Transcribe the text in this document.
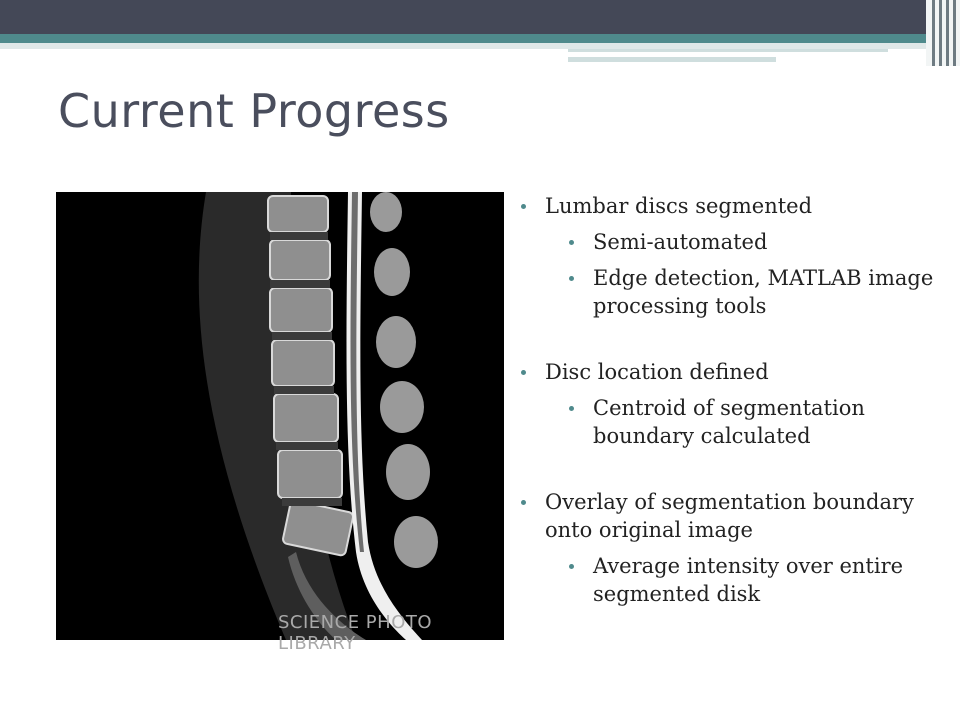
Current Progress
SCIENCE PHOTO LIBRARY
Lumbar discs segmented
Semi-automated
Edge detection, MATLAB image processing tools
Disc location defined
Centroid of segmentation boundary calculated
Overlay of segmentation boundary onto original image
Average intensity over entire segmented disk
